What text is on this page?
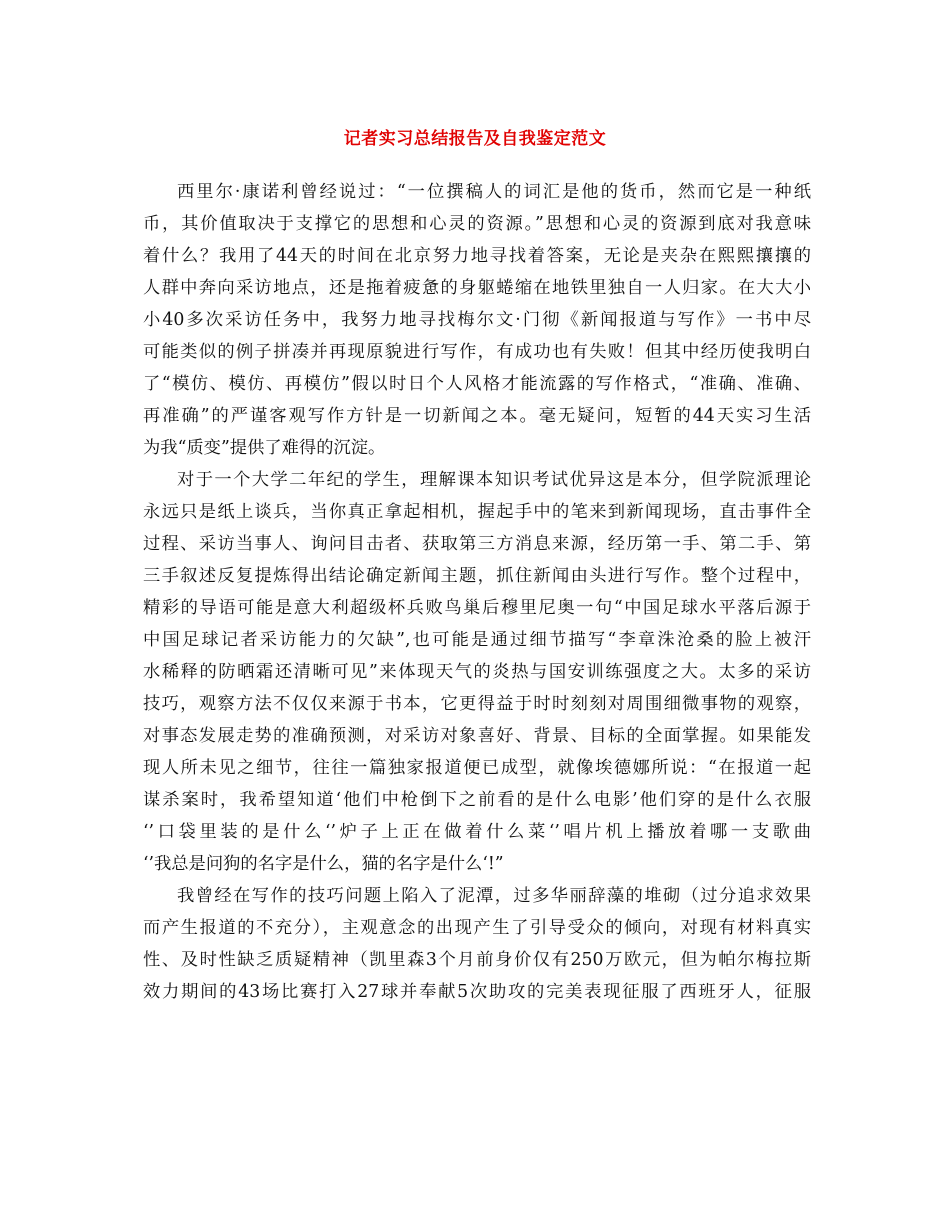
记者实习总结报告及自我鉴定范文
西里尔·康诺利曾经说过：“一位撰稿人的词汇是他的货币，然而它是一种纸
币，其价值取决于支撑它的思想和心灵的资源。”思想和心灵的资源到底对我意味
着什么？我用了44天的时间在北京努力地寻找着答案，无论是夹杂在熙熙攘攘的
人群中奔向采访地点，还是拖着疲惫的身躯蜷缩在地铁里独自一人归家。在大大小
小40多次采访任务中，我努力地寻找梅尔文·门彻《新闻报道与写作》一书中尽
可能类似的例子拼凑并再现原貌进行写作，有成功也有失败！但其中经历使我明白
了“模仿、模仿、再模仿”假以时日个人风格才能流露的写作格式，“准确、准确、
再准确”的严谨客观写作方针是一切新闻之本。毫无疑问，短暂的44天实习生活
为我“质变”提供了难得的沉淀。
对于一个大学二年纪的学生，理解课本知识考试优异这是本分，但学院派理论
永远只是纸上谈兵，当你真正拿起相机，握起手中的笔来到新闻现场，直击事件全
过程、采访当事人、询问目击者、获取第三方消息来源，经历第一手、第二手、第
三手叙述反复提炼得出结论确定新闻主题，抓住新闻由头进行写作。整个过程中，
精彩的导语可能是意大利超级杯兵败鸟巢后穆里尼奥一句“中国足球水平落后源于
中国足球记者采访能力的欠缺”,也可能是通过细节描写“李章洙沧桑的脸上被汗
水稀释的防晒霜还清晰可见”来体现天气的炎热与国安训练强度之大。太多的采访
技巧，观察方法不仅仅来源于书本，它更得益于时时刻刻对周围细微事物的观察，
对事态发展走势的准确预测，对采访对象喜好、背景、目标的全面掌握。如果能发
现人所未见之细节，往往一篇独家报道便已成型，就像埃德娜所说：“在报道一起
谋杀案时，我希望知道‘他们中枪倒下之前看的是什么电影’他们穿的是什么衣服
‘’口袋里装的是什么‘’炉子上正在做着什么菜‘’唱片机上播放着哪一支歌曲
‘’我总是问狗的名字是什么，猫的名字是什么‘!”
我曾经在写作的技巧问题上陷入了泥潭，过多华丽辞藻的堆砌（过分追求效果
而产生报道的不充分），主观意念的出现产生了引导受众的倾向，对现有材料真实
性、及时性缺乏质疑精神（凯里森3个月前身价仅有250万欧元，但为帕尔梅拉斯
效力期间的43场比赛打入27球并奉献5次助攻的完美表现征服了西班牙人，征服
